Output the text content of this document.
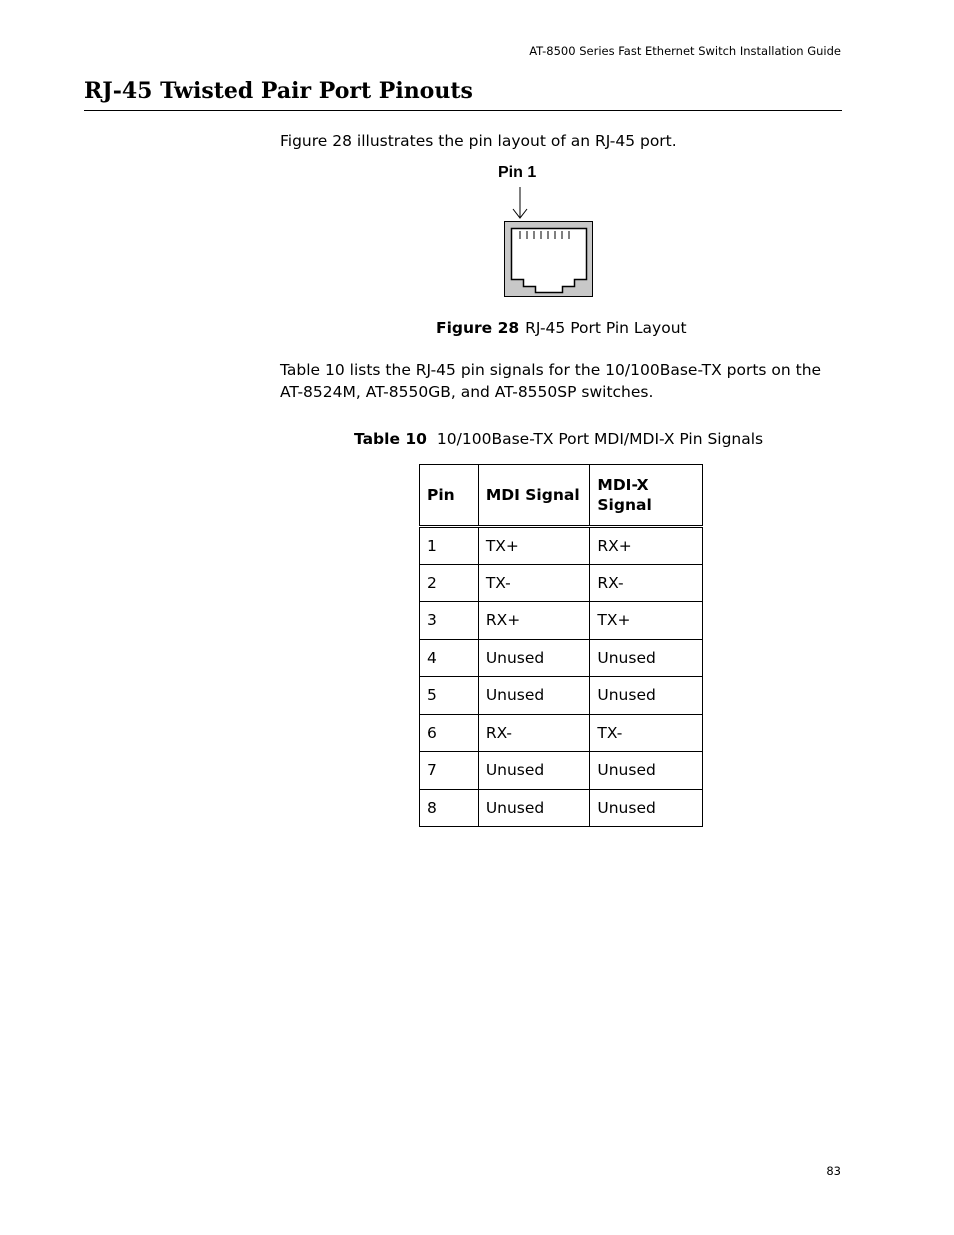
AT-8500 Series Fast Ethernet Switch Installation Guide
RJ-45 Twisted Pair Port Pinouts
Figure 28 illustrates the pin layout of an RJ-45 port.
Pin 1
Figure 28 RJ-45 Port Pin Layout
Table 10 lists the RJ-45 pin signals for the 10/100Base-TX ports on the AT-8524M, AT-8550GB, and AT-8550SP switches.
Table 10 10/100Base-TX Port MDI/MDI-X Pin Signals
Pin	MDI Signal	MDI-X Signal
1	TX+	RX+
2	TX-	RX-
3	RX+	TX+
4	Unused	Unused
5	Unused	Unused
6	RX-	TX-
7	Unused	Unused
8	Unused	Unused
83
